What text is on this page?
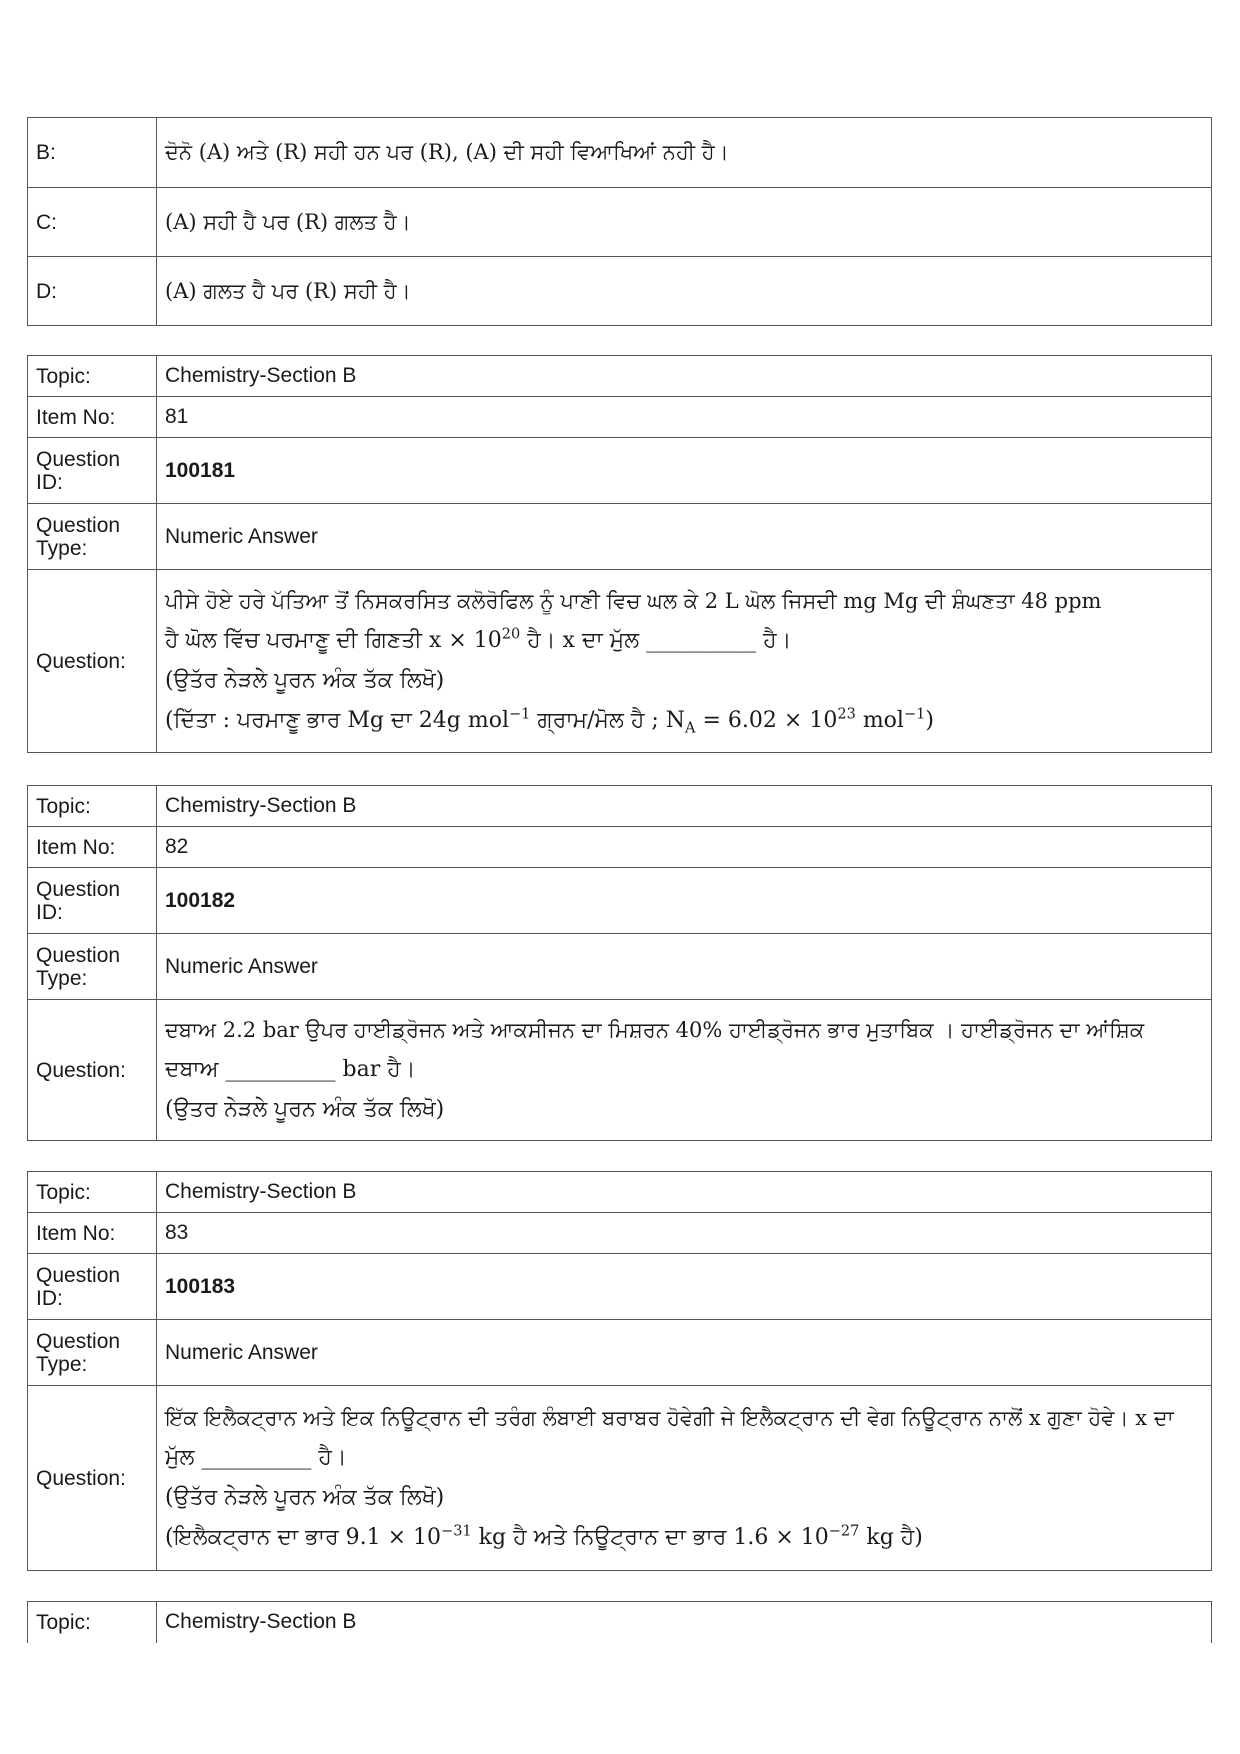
B:	ਦੋਨੋ (A) ਅਤੇ (R) ਸਹੀ ਹਨ ਪਰ (R), (A) ਦੀ ਸਹੀ ਵਿਆਖਿਆਂ ਨਹੀ ਹੈ।
C:	(A) ਸਹੀ ਹੈ ਪਰ (R) ਗਲਤ ਹੈ।
D:	(A) ਗਲਤ ਹੈ ਪਰ (R) ਸਹੀ ਹੈ।
Topic:	Chemistry-Section B
Item No:	81
Question ID:	100181
Question Type:	Numeric Answer
Question:	ਪੀਸੇ ਹੋਏ ਹਰੇ ਪੱਤਿਆ ਤੋਂ ਨਿਸਕਰਸਿਤ ਕਲੋਰੋਫਿਲ ਨੂੰ ਪਾਣੀ ਵਿਚ ਘਲ ਕੇ 2 L ਘੋਲ ਜਿਸਦੀ mg Mg ਦੀ ਸ਼ੰਘਣਤਾ 48 ppm

ਹੈ ਘੋਲ ਵਿੱਚ ਪਰਮਾਣੂ ਦੀ ਗਿਣਤੀ $x \times 10^{20}$ ਹੈ। x ਦਾ ਮੁੱਲ __________ ਹੈ।

(ਉਤੱਰ ਨੇੜਲੇ ਪੂਰਨ ਅੰਕ ਤੱਕ ਲਿਖੋ)

(ਦਿੱਤਾ : ਪਰਮਾਣੂ ਭਾਰ Mg ਦਾ 24g mol$^{-1}$ ਗ੍ਰਾਮ/ਮੋਲ ਹੈ ; $N_A = 6.02 \times 10^{23}$ mol$^{-1}$)

Topic:	Chemistry-Section B
Item No:	82
Question ID:	100182
Question Type:	Numeric Answer
Question:	ਦਬਾਅ 2.2 bar ਉਪਰ ਹਾਈਡ੍ਰੋਜਨ ਅਤੇ ਆਕਸੀਜਨ ਦਾ ਮਿਸ਼ਰਨ 40% ਹਾਈਡ੍ਰੋਜਨ ਭਾਰ ਮੁਤਾਬਿਕ । ਹਾਈਡ੍ਰੋਜਨ ਦਾ ਆਂਸ਼ਿਕ

ਦਬਾਅ __________ bar ਹੈ।

(ਉਤਰ ਨੇੜਲੇ ਪੂਰਨ ਅੰਕ ਤੱਕ ਲਿਖੋ)

Topic:	Chemistry-Section B
Item No:	83
Question ID:	100183
Question Type:	Numeric Answer
Question:	ਇੱਕ ਇਲੈਕਟ੍ਰਾਨ ਅਤੇ ਇਕ ਨਿਊਟ੍ਰਾਨ ਦੀ ਤਰੰਗ ਲੰਬਾਈ ਬਰਾਬਰ ਹੋਵੇਗੀ ਜੇ ਇਲੈਕਟ੍ਰਾਨ ਦੀ ਵੇਗ ਨਿਊਟ੍ਰਾਨ ਨਾਲੋਂ x ਗੁਣਾ ਹੋਵੇ। x ਦਾ

ਮੁੱਲ __________ ਹੈ।

(ਉਤੱਰ ਨੇੜਲੇ ਪੂਰਨ ਅੰਕ ਤੱਕ ਲਿਖੋ)

(ਇਲੈਕਟ੍ਰਾਨ ਦਾ ਭਾਰ $9.1 \times 10^{-31}$ kg ਹੈ ਅਤੇ ਨਿਊਟ੍ਰਾਨ ਦਾ ਭਾਰ $1.6 \times 10^{-27}$ kg ਹੈ)

Topic:	Chemistry-Section B
